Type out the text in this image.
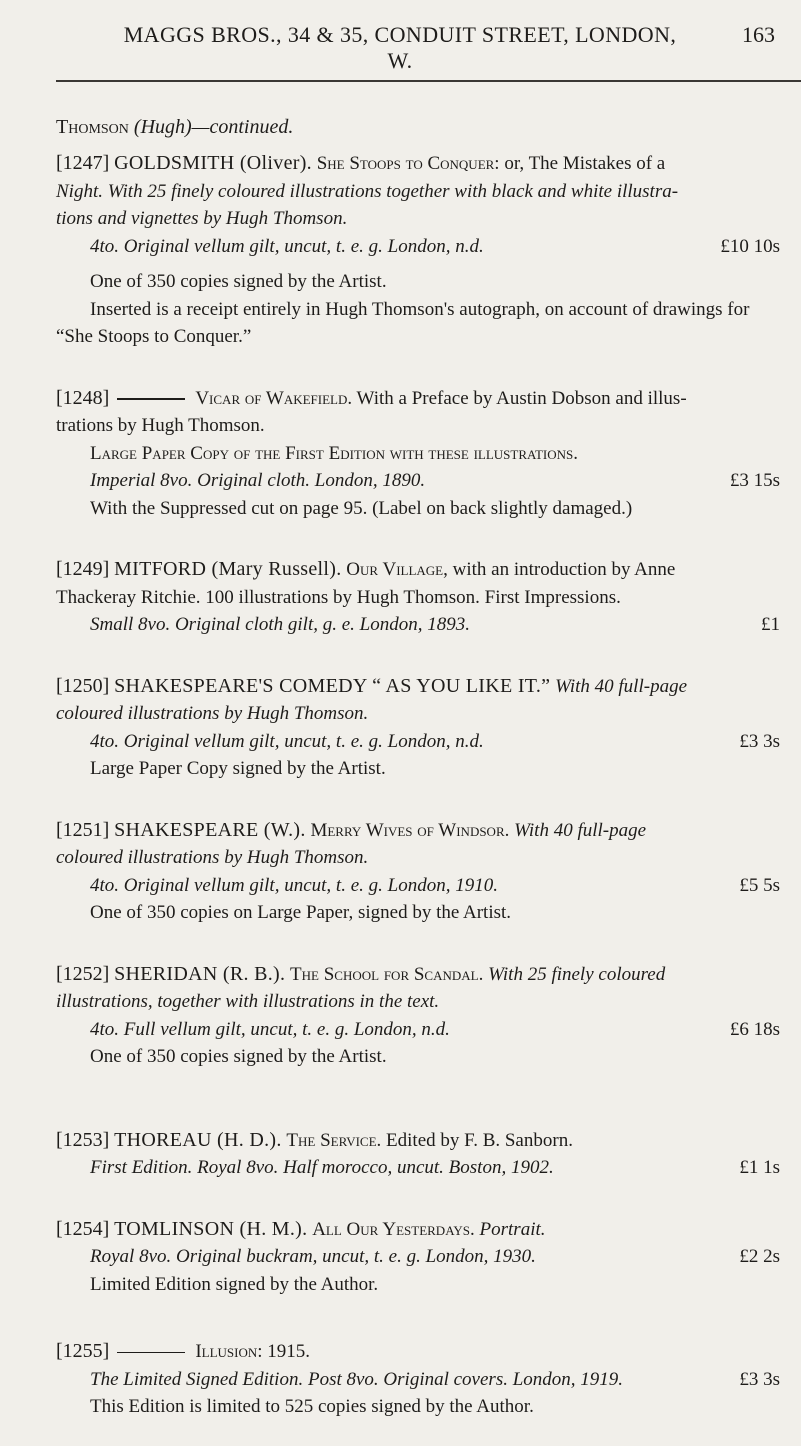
MAGGS BROS., 34 & 35, CONDUIT STREET, LONDON, W.
163
Thomson (Hugh)—continued.
[1247] GOLDSMITH (Oliver). She Stoops to Conquer: or, The Mistakes of a
Night. With 25 finely coloured illustrations together with black and white illustra-
tions and vignettes by Hugh Thomson.
4to. Original vellum gilt, uncut, t. e. g. London, n.d.	£10 10s
One of 350 copies signed by the Artist.
Inserted is a receipt entirely in Hugh Thomson's autograph, on account of drawings for
“She Stoops to Conquer.”
[1248]	Vicar of Wakefield. With a Preface by Austin Dobson and illus-
trations by Hugh Thomson.
Large Paper Copy of the First Edition with these illustrations.
Imperial 8vo. Original cloth. London, 1890.	£3 15s
With the Suppressed cut on page 95. (Label on back slightly damaged.)
[1249] MITFORD (Mary Russell). Our Village, with an introduction by Anne
Thackeray Ritchie. 100 illustrations by Hugh Thomson. First Impressions.
Small 8vo. Original cloth gilt, g. e. London, 1893.	£1
[1250] SHAKESPEARE'S COMEDY “ AS YOU LIKE IT.” With 40 full-page
coloured illustrations by Hugh Thomson.
4to. Original vellum gilt, uncut, t. e. g. London, n.d.	£3 3s
Large Paper Copy signed by the Artist.
[1251] SHAKESPEARE (W.). Merry Wives of Windsor. With 40 full-page
coloured illustrations by Hugh Thomson.
4to. Original vellum gilt, uncut, t. e. g. London, 1910.	£5 5s
One of 350 copies on Large Paper, signed by the Artist.
[1252] SHERIDAN (R. B.). The School for Scandal. With 25 finely coloured
illustrations, together with illustrations in the text.
4to. Full vellum gilt, uncut, t. e. g. London, n.d.	£6 18s
One of 350 copies signed by the Artist.
[1253] THOREAU (H. D.). The Service. Edited by F. B. Sanborn.
First Edition. Royal 8vo. Half morocco, uncut. Boston, 1902.	£1 1s
[1254] TOMLINSON (H. M.). All Our Yesterdays. Portrait.
Royal 8vo. Original buckram, uncut, t. e. g. London, 1930.	£2 2s
Limited Edition signed by the Author.
[1255]	Illusion: 1915.
The Limited Signed Edition. Post 8vo. Original covers. London, 1919.	£3 3s
This Edition is limited to 525 copies signed by the Author.
